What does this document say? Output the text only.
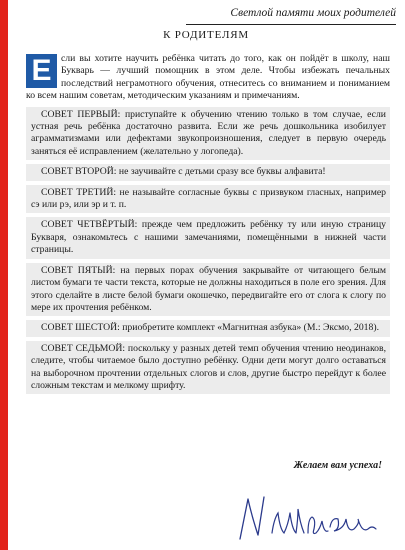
Светлой памяти моих родителей
К РОДИТЕЛЯМ

Е сли вы хотите научить ребёнка читать до того, как он пойдёт в школу, наш Букварь — лучший помощник в этом деле. Чтобы избежать печальных последствий неграмотного обучения, отнеситесь со вниманием и пониманием ко всем нашим советам, методическим указаниям и примечаниям.

СОВЕТ ПЕРВЫЙ: приступайте к обучению чтению только в том случае, если устная речь ребёнка достаточно развита. Если же речь дошкольника изобилует аграмматизмами или дефектами звукопроизношения, следует в первую очередь заняться её исправлением (желательно у логопеда).
СОВЕТ ВТОРОЙ: не заучивайте с детьми сразу все буквы алфавита!
СОВЕТ ТРЕТИЙ: не называйте согласные буквы с призвуком гласных, например сэ или рэ, или эр и т. п.
СОВЕТ ЧЕТВЁРТЫЙ: прежде чем предложить ребёнку ту или иную страницу Букваря, ознакомьтесь с нашими замечаниями, помещёнными в нижней части страницы.
СОВЕТ ПЯТЫЙ: на первых порах обучения закрывайте от читающего белым листом бумаги те части текста, которые не должны находиться в поле его зрения. Для этого сделайте в листе белой бумаги окошечко, передвигайте его от слога к слогу по мере их прочтения ребёнком.
СОВЕТ ШЕСТОЙ: приобретите комплект «Магнитная азбука» (М.: Эксмо, 2018).
СОВЕТ СЕДЬМОЙ: поскольку у разных детей темп обучения чтению неодинаков, следите, чтобы читаемое было доступно ребёнку. Одни дети могут долго оставаться на выборочном прочтении отдельных слогов и слов, другие быстро перейдут к более сложным текстам и мелкому шрифту.
Желаем вам успеха!
